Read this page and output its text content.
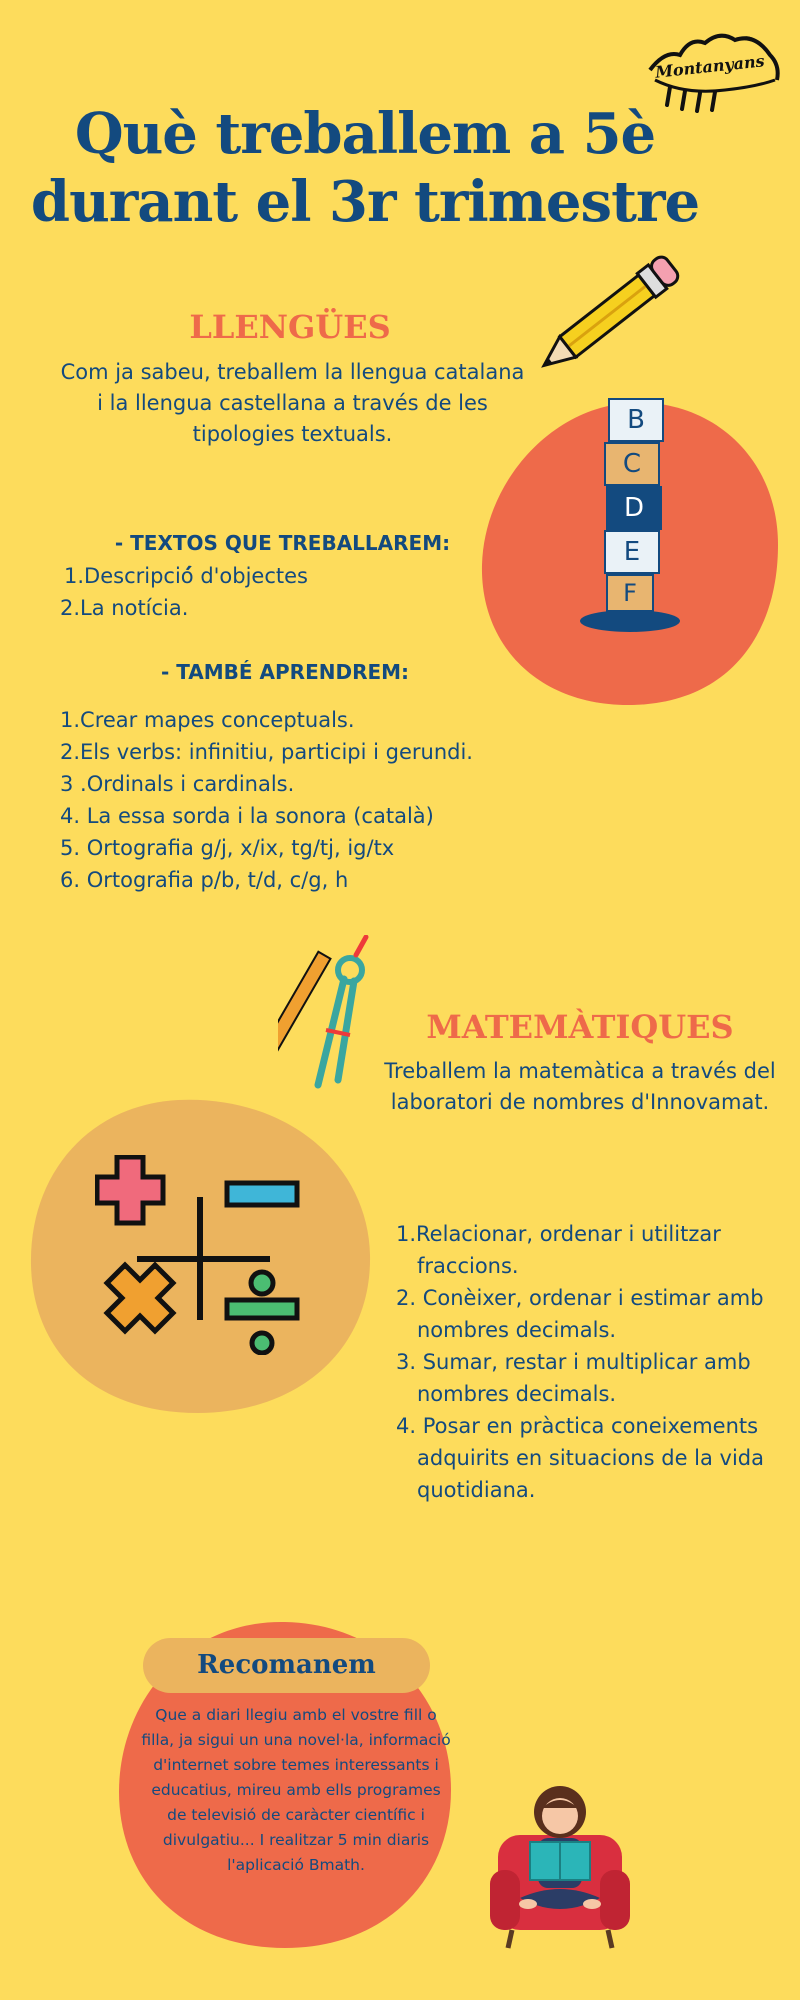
Montanyans
Què treballem a 5è
durant el 3r trimestre
B
C
D
E
F
LLENGÜES
Com ja sabeu, treballem la llengua catalana i la llengua castellana a través de les tipologies textuals.
- TEXTOS QUE TREBALLAREM:
1.Descripció́ d'objectes
2.La notícia.
- TAMBÉ APRENDREM:
1.Crear mapes conceptuals.
2.Els verbs: infinitiu, participi i gerundi.
3 .Ordinals i cardinals.
4. La essa sorda i la sonora (català)
5. Ortografia g/j, x/ix, tg/tj, ig/tx
6. Ortografia p/b, t/d, c/g, h
MATEMÀTIQUES
Treballem la matemàtica a través del laboratori de nombres d'Innovamat.
1.Relacionar, ordenar i utilitzar fraccions.
2. Conèixer, ordenar i estimar amb nombres decimals.
3. Sumar, restar i multiplicar amb nombres decimals.
4. Posar en pràctica coneixements adquirits en situacions de la vida quotidiana.
Recomanem
Que a diari llegiu amb el vostre fill o filla, ja sigui un una novel·la, informació d'internet sobre temes interessants i educatius, mireu amb ells programes de televisió de caràcter científic i divulgatiu... I realitzar 5 min diaris l'aplicació Bmath.
